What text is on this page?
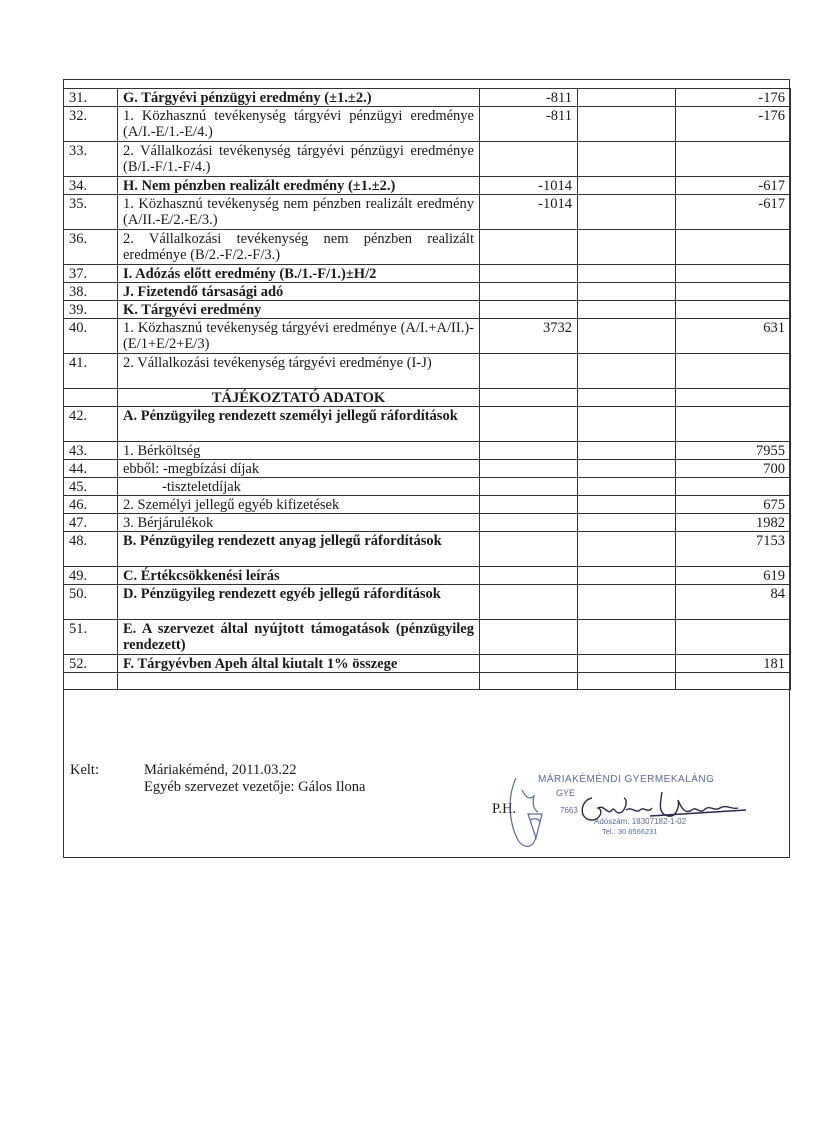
31.	G. Tárgyévi pénzügyi eredmény (±1.±2.)	-811		-176
32.	1. Közhasznú tevékenység tárgyévi pénzügyi eredménye (A/I.-E/1.-E/4.)	-811		-176
33.	2. Vállalkozási tevékenység tárgyévi pénzügyi eredménye (B/I.-F/1.-F/4.)			
34.	H. Nem pénzben realizált eredmény (±1.±2.)	-1014		-617
35.	1. Közhasznú tevékenység nem pénzben realizált eredmény (A/II.-E/2.-E/3.)	-1014		-617
36.	2. Vállalkozási tevékenység nem pénzben realizált eredménye (B/2.-F/2.-F/3.)			
37.	I. Adózás előtt eredmény (B./1.-F/1.)±H/2			
38.	J. Fizetendő társasági adó			
39.	K. Tárgyévi eredmény			
40.	1. Közhasznú tevékenység tárgyévi eredménye (A/I.+A/II.)-(E/1+E/2+E/3)	3732		631
41.	2. Vállalkozási tevékenység tárgyévi eredménye (I-J)			
	TÁJÉKOZTATÓ ADATOK			
42.	A. Pénzügyileg rendezett személyi jellegű ráfordítások			
43.	1. Bérköltség			7955
44.	ebből: -megbízási díjak			700
45.	-tiszteletdíjak			
46.	2. Személyi jellegű egyéb kifizetések			675
47.	3. Bérjárulékok			1982
48.	B. Pénzügyileg rendezett anyag jellegű ráfordítások			7153
49.	C. Értékcsökkenési leírás			619
50.	D. Pénzügyileg rendezett egyéb jellegű ráfordítások			84
51.	E. A szervezet által nyújtott támogatások (pénzügyileg rendezett)			
52.	F. Tárgyévben Apeh által kiutalt 1% összege			181

Kelt:	Máriakéménd, 2011.03.22
Egyéb szervezet vezetője: Gálos Ilona
P.H.
MÁRIAKÉMÉNDI GYERMEKALÁNG
GYE
7663
Adószám: 18307182-1-02
Tel.: 30 6566231
